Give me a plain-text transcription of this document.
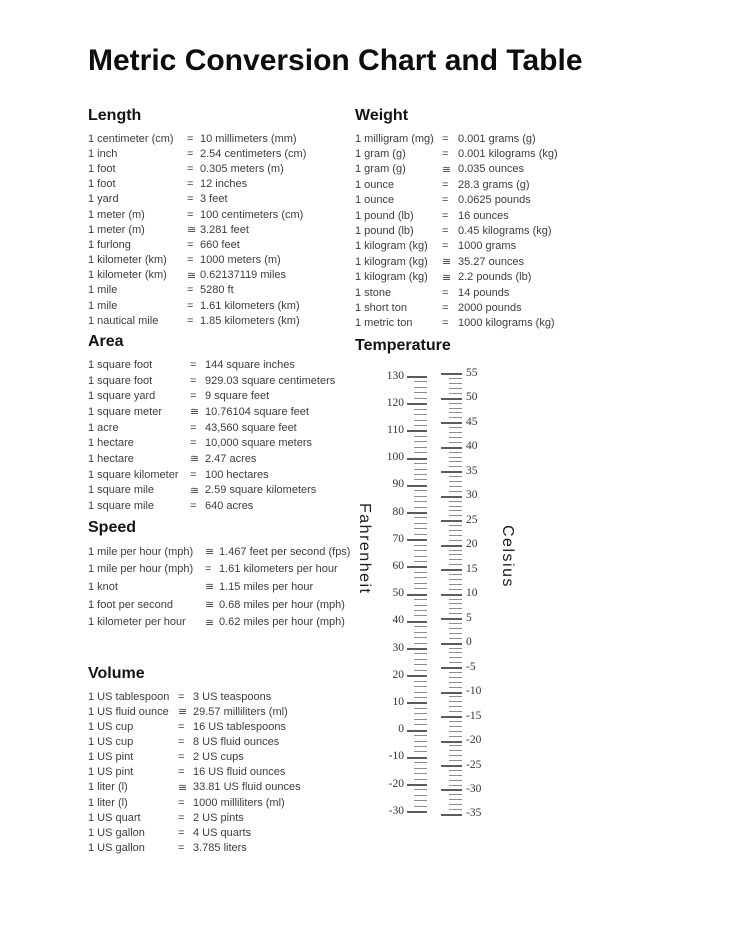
Metric Conversion Chart and Table
Length
1 centimeter (cm)	= 10 millimeters (mm)
1 inch	= 2.54 centimeters (cm)
1 foot	= 0.305 meters (m)
1 foot	= 12 inches
1 yard	= 3 feet
1 meter (m)	= 100 centimeters (cm)
1 meter (m)	≅ 3.281 feet
1 furlong	= 660 feet
1 kilometer (km)	= 1000 meters (m)
1 kilometer (km)	≅ 0.62137119 miles
1 mile	= 5280 ft
1 mile	= 1.61 kilometers (km)
1 nautical mile	= 1.85 kilometers (km)
Weight
1 milligram (mg) = 0.001 grams (g)
1 gram (g)	= 0.001 kilograms (kg)
1 gram (g)	≅ 0.035 ounces
1 ounce	= 28.3 grams (g)
1 ounce	= 0.0625 pounds
1 pound (lb)	= 16 ounces
1 pound (lb)	= 0.45 kilograms (kg)
1 kilogram (kg)	= 1000 grams
1 kilogram (kg)	≅ 35.27 ounces
1 kilogram (kg)	≅ 2.2 pounds (lb)
1 stone	= 14 pounds
1 short ton	= 2000 pounds
1 metric ton	= 1000 kilograms (kg)
Area
1 square foot	= 144 square inches
1 square foot	= 929.03 square centimeters
1 square yard	= 9 square feet
1 square meter	≅ 10.76104 square feet
1 acre	= 43,560 square feet
1 hectare	= 10,000 square meters
1 hectare	≅ 2.47 acres
1 square kilometer	= 100 hectares
1 square mile	≅ 2.59 square kilometers
1 square mile	= 640 acres
Temperature
130
120
110
100
90
80
70
60
50
40
30
20
10
0
-10
-20
-30
55
50
45
40
35
30
25
20
15
10
5
0
-5
-10
-15
-20
-25
-30
-35
Fahrenheit	Celsius
Speed
1 mile per hour (mph)	≅ 1.467 feet per second (fps)
1 mile per hour (mph)	= 1.61 kilometers per hour
1 knot	≅ 1.15 miles per hour
1 foot per second	≅ 0.68 miles per hour (mph)
1 kilometer per hour	≅ 0.62 miles per hour (mph)
Volume
1 US tablespoon = 3 US teaspoons
1 US fluid ounce ≅ 29.57 milliliters (ml)
1 US cup	= 16 US tablespoons
1 US cup	= 8 US fluid ounces
1 US pint	= 2 US cups
1 US pint	= 16 US fluid ounces
1 liter (l)	≅ 33.81 US fluid ounces
1 liter (l)	= 1000 milliliters (ml)
1 US quart	= 2 US pints
1 US gallon	= 4 US quarts
1 US gallon	= 3.785 liters
